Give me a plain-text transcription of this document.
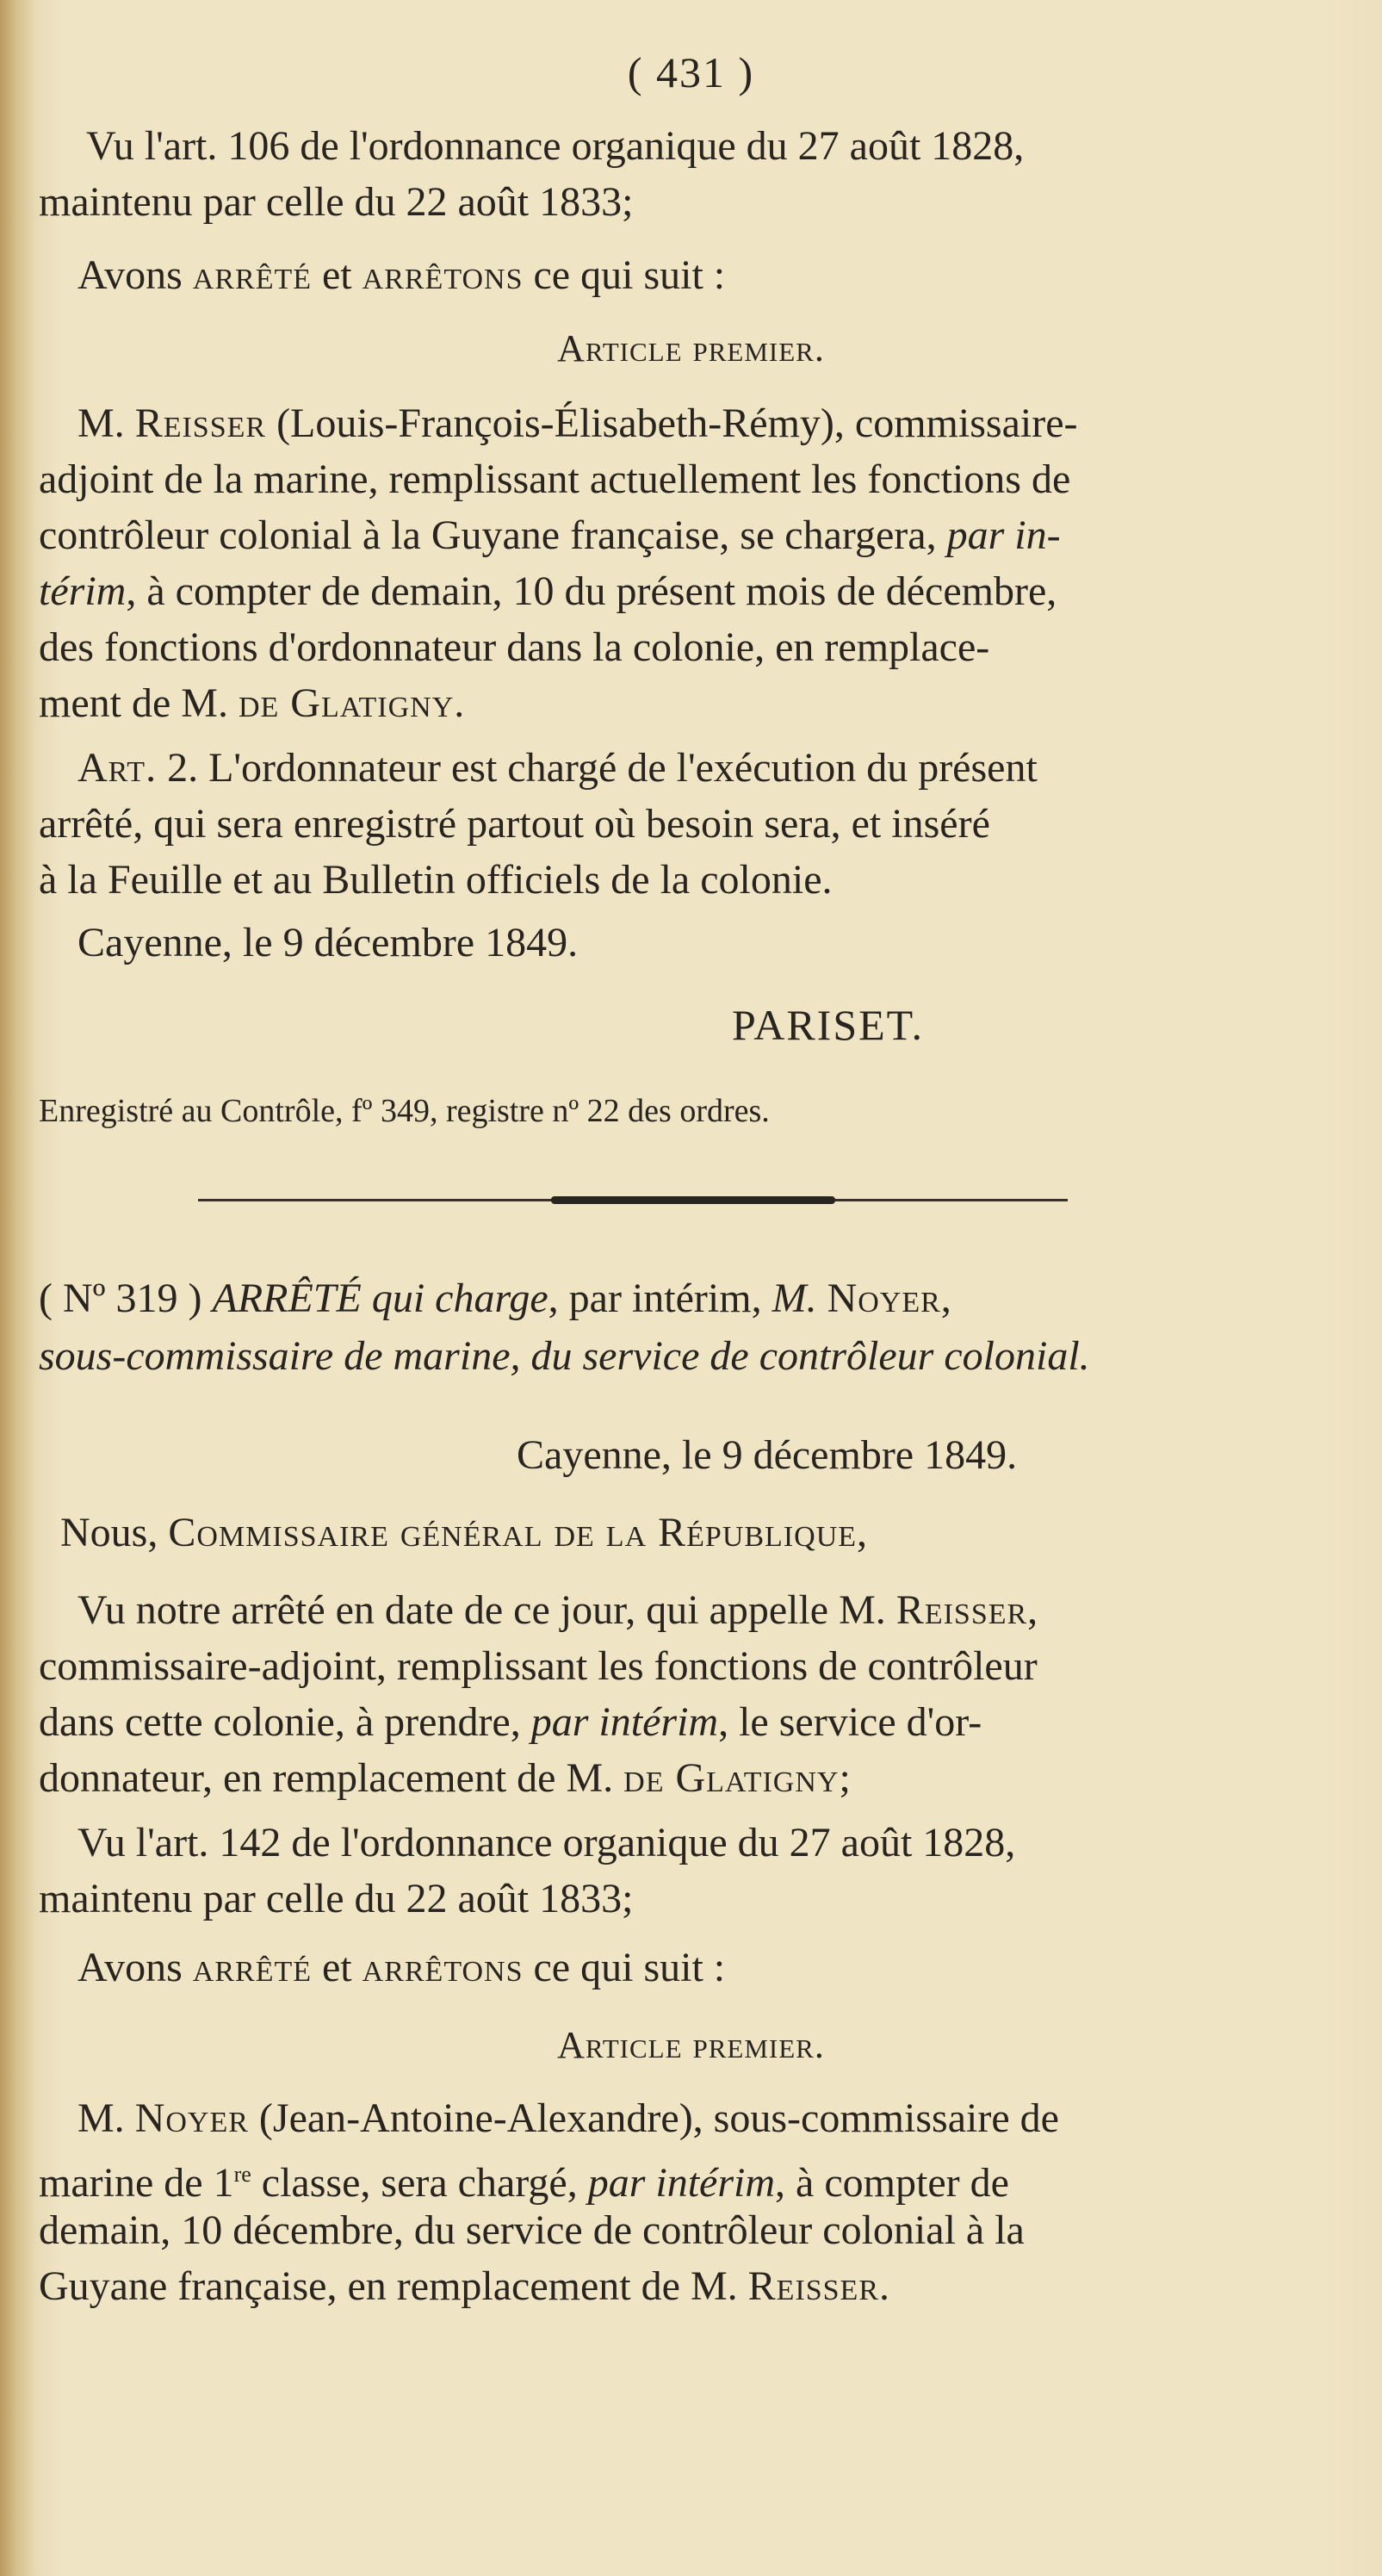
( 431 )
Vu l'art. 106 de l'ordonnance organique du 27 août 1828,
maintenu par celle du 22 août 1833;
Avons arrêté et arrêtons ce qui suit :
Article premier.
M. Reisser (Louis-François-Élisabeth-Rémy), commissaire-
adjoint de la marine, remplissant actuellement les fonctions de
contrôleur colonial à la Guyane française, se chargera, par in-
térim, à compter de demain, 10 du présent mois de décembre,
des fonctions d'ordonnateur dans la colonie, en remplace-
ment de M. de Glatigny.
Art. 2. L'ordonnateur est chargé de l'exécution du présent
arrêté, qui sera enregistré partout où besoin sera, et inséré
à la Feuille et au Bulletin officiels de la colonie.
Cayenne, le 9 décembre 1849.
PARISET.
Enregistré au Contrôle, fº 349, registre nº 22 des ordres.
( Nº 319 ) ARRÊTÉ qui charge, par intérim, M. Noyer,
sous-commissaire de marine, du service de contrôleur colonial.
Cayenne, le 9 décembre 1849.
Nous, Commissaire général de la République,
Vu notre arrêté en date de ce jour, qui appelle M. Reisser,
commissaire-adjoint, remplissant les fonctions de contrôleur
dans cette colonie, à prendre, par intérim, le service d'or-
donnateur, en remplacement de M. de Glatigny;
Vu l'art. 142 de l'ordonnance organique du 27 août 1828,
maintenu par celle du 22 août 1833;
Avons arrêté et arrêtons ce qui suit :
Article premier.
M. Noyer (Jean-Antoine-Alexandre), sous-commissaire de
marine de 1re classe, sera chargé, par intérim, à compter de
demain, 10 décembre, du service de contrôleur colonial à la
Guyane française, en remplacement de M. Reisser.
